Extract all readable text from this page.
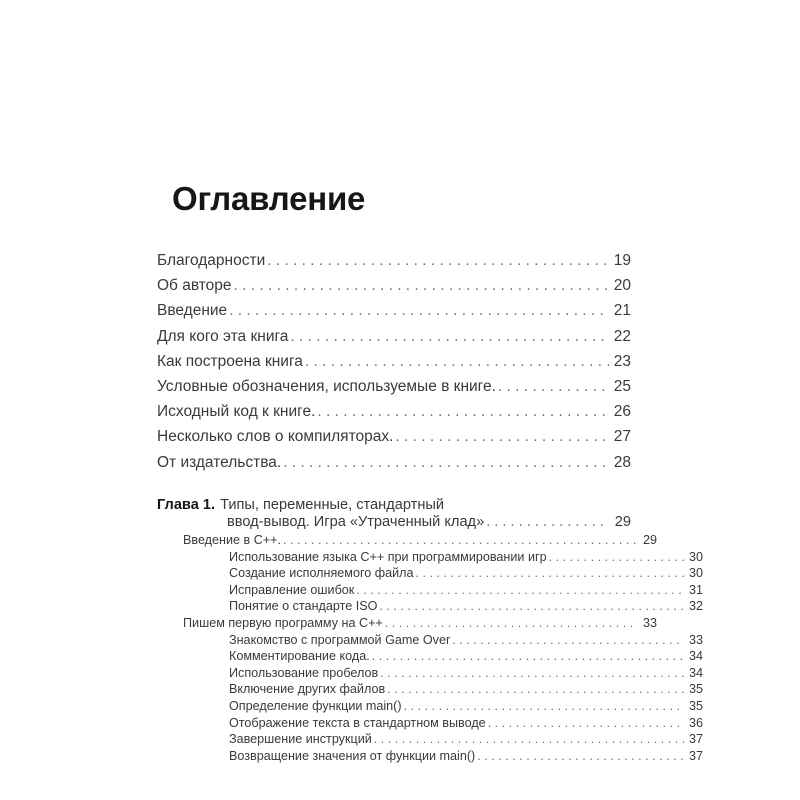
Оглавление
Благодарности . . .	19
Об авторе . . .	20
Введение . . .	21
Для кого эта книга . . .	22
Как построена книга . . .	23
Условные обозначения, используемые в книге. . . .	25
Исходный код к книге. . . .	26
Несколько слов о компиляторах. . . .	27
От издательства. . . .	28
Глава 1. Типы, переменные, стандартный
ввод-вывод. Игра «Утраченный клад» . . .	29
Введение в C++. . . .	29
Использование языка C++ при программировании игр . . .	30
Создание исполняемого файла . . .	30
Исправление ошибок . . .	31
Понятие о стандарте ISO . . .	32
Пишем первую программу на C++ . . .	33
Знакомство с программой Game Over . . .	33
Комментирование кода. . . .	34
Использование пробелов . . .	34
Включение других файлов . . .	35
Определение функции main() . . .	35
Отображение текста в стандартном выводе . . .	36
Завершение инструкций . . .	37
Возвращение значения от функции main() . . .	37
